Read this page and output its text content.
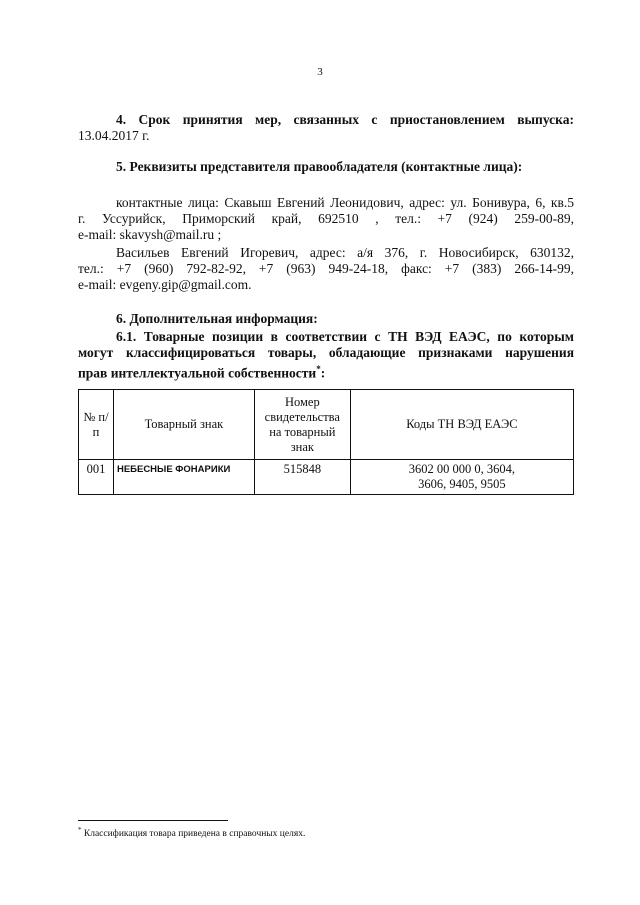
3
4. Срок принятия мер, связанных с приостановлением выпуска:
13.04.2017 г.
5. Реквизиты представителя правообладателя (контактные лица):
контактные лица: Скавыш Евгений Леонидович, адрес: ул. Бонивура, 6, кв.5
г. Уссурийск, Приморский край, 692510 , тел.: +7 (924) 259-00-89,
e-mail: skavysh@mail.ru ;
Васильев Евгений Игоревич, адрес: а/я 376, г. Новосибирск, 630132,
тел.: +7 (960) 792-82-92, +7 (963) 949-24-18, факс: +7 (383) 266-14-99,
e-mail: evgeny.gip@gmail.com.
6. Дополнительная информация:
6.1. Товарные позиции в соответствии с ТН ВЭД ЕАЭС, по которым
могут классифицироваться товары, обладающие признаками нарушения
прав интеллектуальной собственности*:
№ п/п	Товарный знак	Номер свидетельства на товарный знак	Коды ТН ВЭД ЕАЭС
001	НЕБЕСНЫЕ ФОНАРИКИ	515848	3602 00 000 0, 3604,
3606, 9405, 9505
* Классификация товара приведена в справочных целях.
